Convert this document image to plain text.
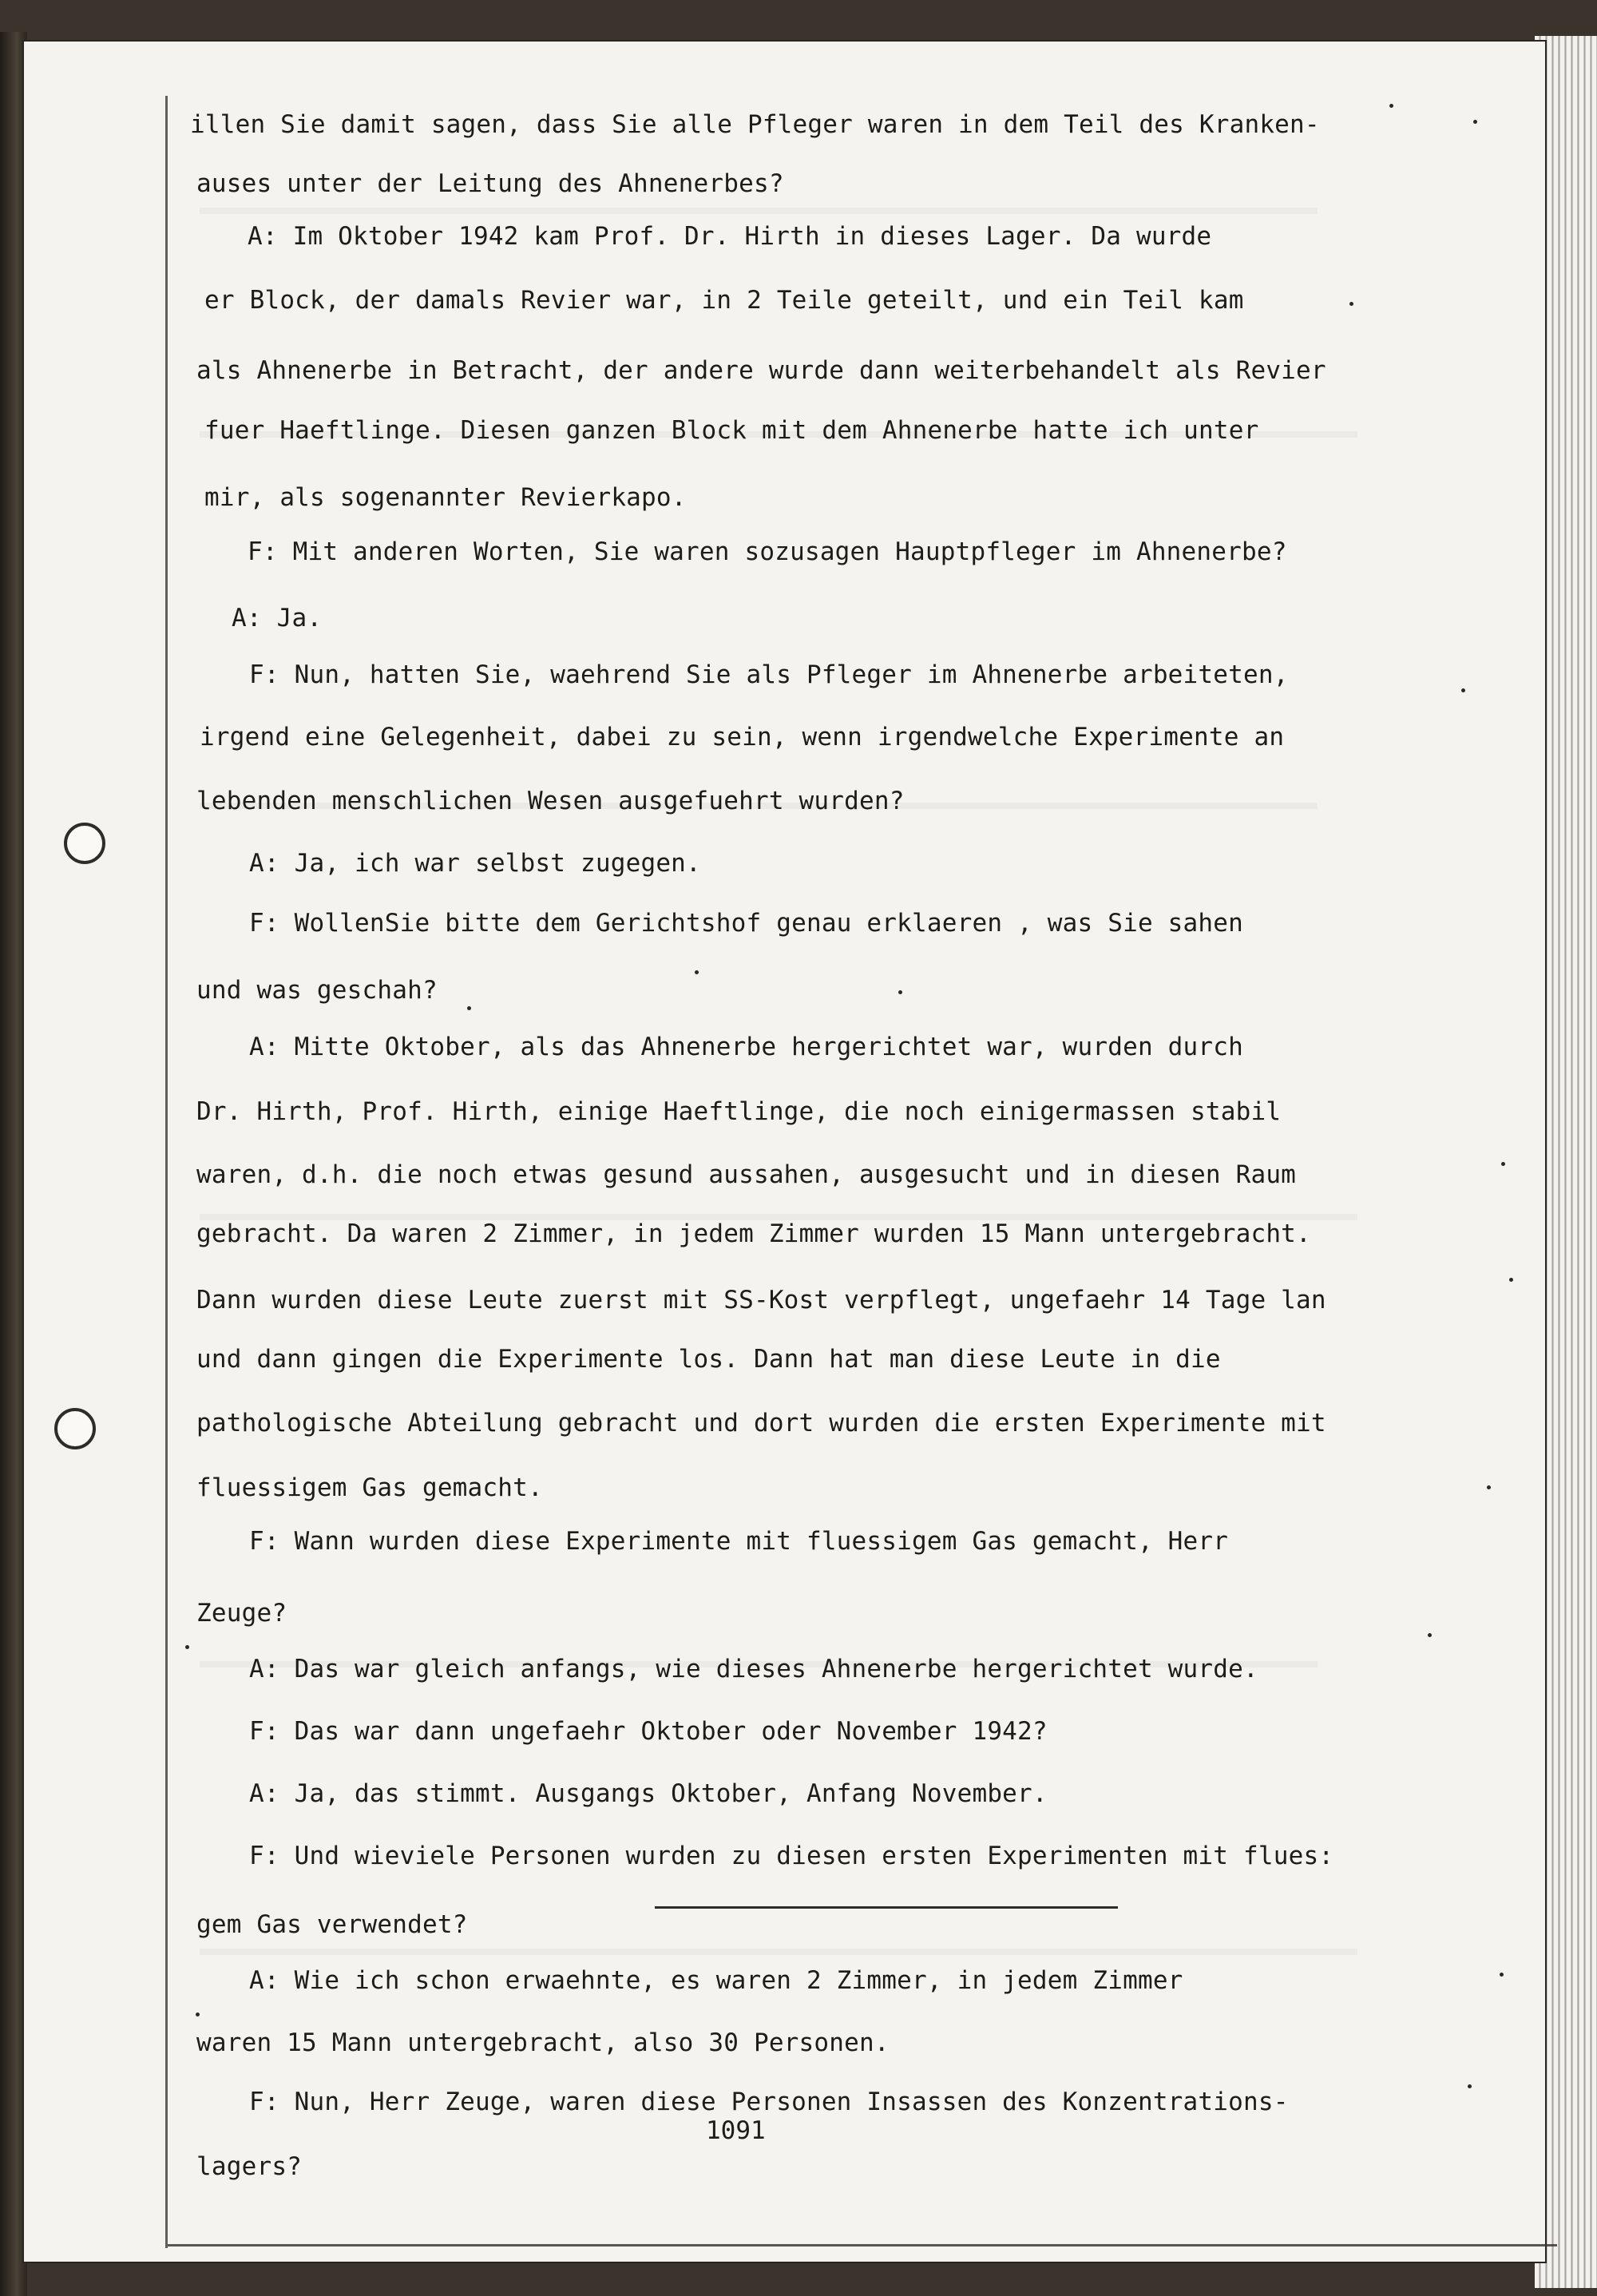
illen Sie damit sagen, dass Sie alle Pfleger waren in dem Teil des Kranken-

auses unter der Leitung des Ahnenerbes?

A: Im Oktober 1942 kam Prof. Dr. Hirth in dieses Lager. Da wurde

er Block, der damals Revier war, in 2 Teile geteilt, und ein Teil kam

als Ahnenerbe in Betracht, der andere wurde dann weiterbehandelt als Revier

fuer Haeftlinge. Diesen ganzen Block mit dem Ahnenerbe hatte ich unter

mir, als sogenannter Revierkapo.

F: Mit anderen Worten, Sie waren sozusagen Hauptpfleger im Ahnenerbe?

A: Ja.

F: Nun, hatten Sie, waehrend Sie als Pfleger im Ahnenerbe arbeiteten,

irgend eine Gelegenheit, dabei zu sein, wenn irgendwelche Experimente an

lebenden menschlichen Wesen ausgefuehrt wurden?

A: Ja, ich war selbst zugegen.

F: WollenSie bitte dem Gerichtshof genau erklaeren , was Sie sahen

und was geschah?

A: Mitte Oktober, als das Ahnenerbe hergerichtet war, wurden durch

Dr. Hirth, Prof. Hirth, einige Haeftlinge, die noch einigermassen stabil

waren, d.h. die noch etwas gesund aussahen, ausgesucht und in diesen Raum

gebracht. Da waren 2 Zimmer, in jedem Zimmer wurden 15 Mann untergebracht.

Dann wurden diese Leute zuerst mit SS-Kost verpflegt, ungefaehr 14 Tage lan

und dann gingen die Experimente los. Dann hat man diese Leute in die

pathologische Abteilung gebracht und dort wurden die ersten Experimente mit

fluessigem Gas gemacht.

F: Wann wurden diese Experimente mit fluessigem Gas gemacht, Herr

Zeuge?

A: Das war gleich anfangs, wie dieses Ahnenerbe hergerichtet wurde.

F: Das war dann ungefaehr Oktober oder November 1942?

A: Ja, das stimmt. Ausgangs Oktober, Anfang November.

F: Und wieviele Personen wurden zu diesen ersten Experimenten mit flues:

gem Gas verwendet?

A: Wie ich schon erwaehnte, es waren 2 Zimmer, in jedem Zimmer

waren 15 Mann untergebracht, also 30 Personen.

F: Nun, Herr Zeuge, waren diese Personen Insassen des Konzentrations-

lagers?

1091
